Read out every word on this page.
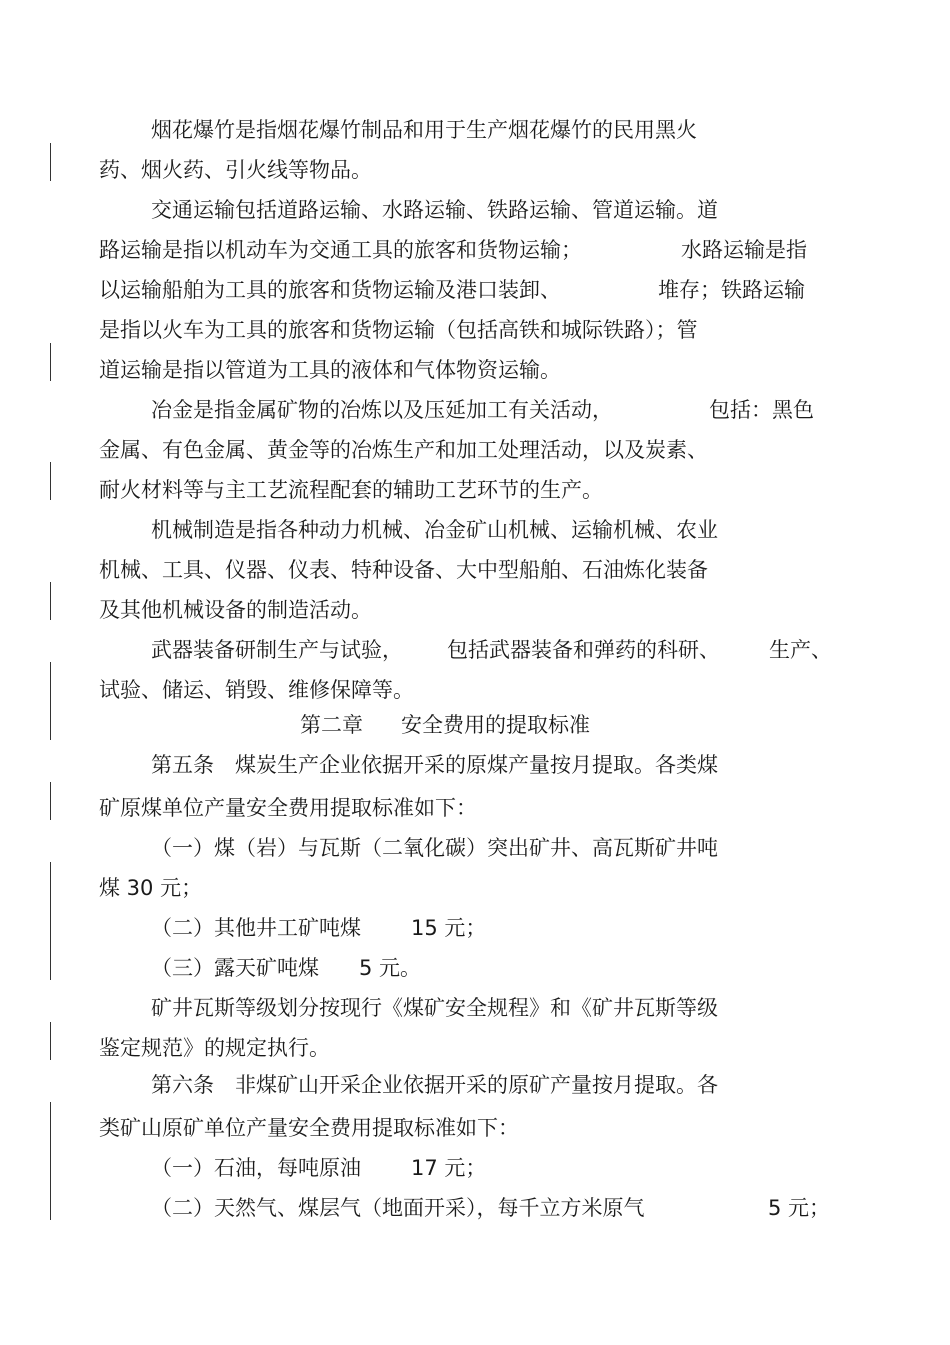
烟花爆竹是指烟花爆竹制品和用于生产烟花爆竹的民用黑火
药、烟火药、引火线等物品。
交通运输包括道路运输、水路运输、铁路运输、管道运输。道
路运输是指以机动车为交通工具的旅客和货物运输；	水路运输是指
以运输船舶为工具的旅客和货物运输及港口装卸、	堆存；铁路运输
是指以火车为工具的旅客和货物运输（包括高铁和城际铁路）；管
道运输是指以管道为工具的液体和气体物资运输。
冶金是指金属矿物的冶炼以及压延加工有关活动，	包括：黑色
金属、有色金属、黄金等的冶炼生产和加工处理活动，以及炭素、
耐火材料等与主工艺流程配套的辅助工艺环节的生产。
机械制造是指各种动力机械、冶金矿山机械、运输机械、农业
机械、工具、仪器、仪表、特种设备、大中型船舶、石油炼化装备
及其他机械设备的制造活动。
武器装备研制生产与试验， 包括武器装备和弹药的科研、 生产、
试验、储运、销毁、维修保障等。
第二章 安全费用的提取标准
第五条　煤炭生产企业依据开采的原煤产量按月提取。各类煤
矿原煤单位产量安全费用提取标准如下：
（一）煤（岩）与瓦斯（二氧化碳）突出矿井、高瓦斯矿井吨
煤 30 元；
（二）其他井工矿吨煤 15 元；
（三）露天矿吨煤 5 元。
矿井瓦斯等级划分按现行《煤矿安全规程》和《矿井瓦斯等级
鉴定规范》的规定执行。
第六条　非煤矿山开采企业依据开采的原矿产量按月提取。各
类矿山原矿单位产量安全费用提取标准如下：
（一）石油，每吨原油 17 元；
（二）天然气、煤层气（地面开采），每千立方米原气	5 元；
